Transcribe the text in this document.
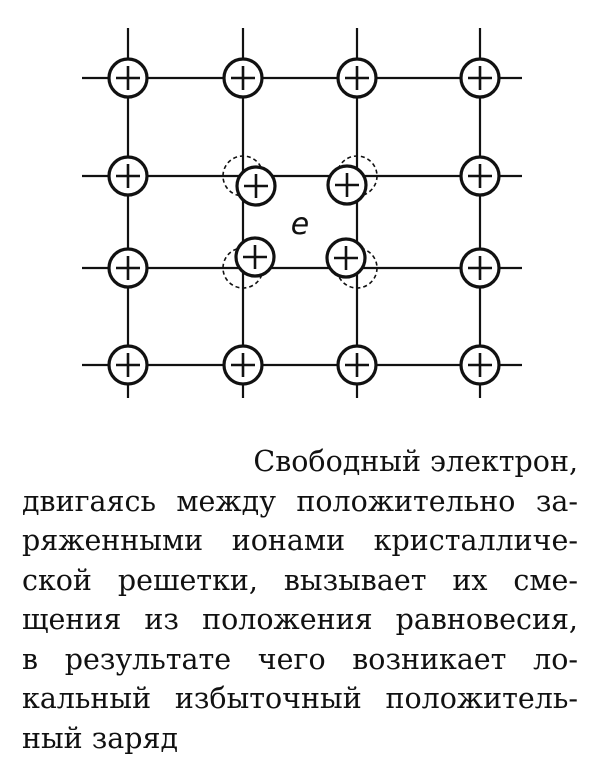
e
Свободный электрон,
двигаясь между положительно за-
ряженными ионами кристалличе-
ской решетки, вызывает их сме-
щения из положения равновесия,
в результате чего возникает ло-
кальный избыточный положитель-
ный заряд
